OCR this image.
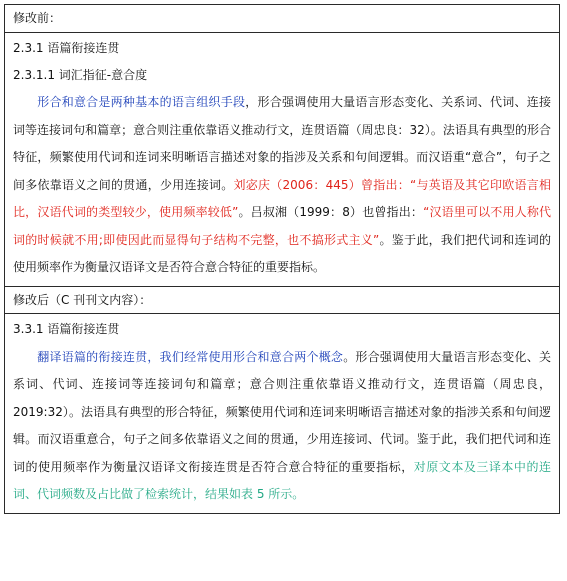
修改前：
2.3.1 语篇衔接连贯
2.3.1.1 词汇指征-意合度

形合和意合是两种基本的语言组织手段，形合强调使用大量语言形态变化、关系词、代词、连接词等连接词句和篇章；意合则注重依靠语义推动行文，连贯语篇（周忠良：32）。法语具有典型的形合特征，频繁使用代词和连词来明晰语言描述对象的指涉及关系和句间逻辑。而汉语重“意合”，句子之间多依靠语义之间的贯通，少用连接词。刘宓庆（2006：445）曾指出：“与英语及其它印欧语言相比，汉语代词的类型较少，使用频率较低”。吕叔湘（1999：8）也曾指出：“汉语里可以不用人称代词的时候就不用;即使因此而显得句子结构不完整，也不搞形式主义”。鉴于此，我们把代词和连词的使用频率作为衡量汉语译文是否符合意合特征的重要指标。

修改后（C 刊刊文内容）：
3.3.1 语篇衔接连贯

翻译语篇的衔接连贯，我们经常使用形合和意合两个概念。形合强调使用大量语言形态变化、关系词、代词、连接词等连接词句和篇章；意合则注重依靠语义推动行文，连贯语篇（周忠良，2019:32）。法语具有典型的形合特征，频繁使用代词和连词来明晰语言描述对象的指涉关系和句间逻辑。而汉语重意合，句子之间多依靠语义之间的贯通，少用连接词、代词。鉴于此，我们把代词和连词的使用频率作为衡量汉语译文衔接连贯是否符合意合特征的重要指标，对原文本及三译本中的连词、代词频数及占比做了检索统计，结果如表 5 所示。
